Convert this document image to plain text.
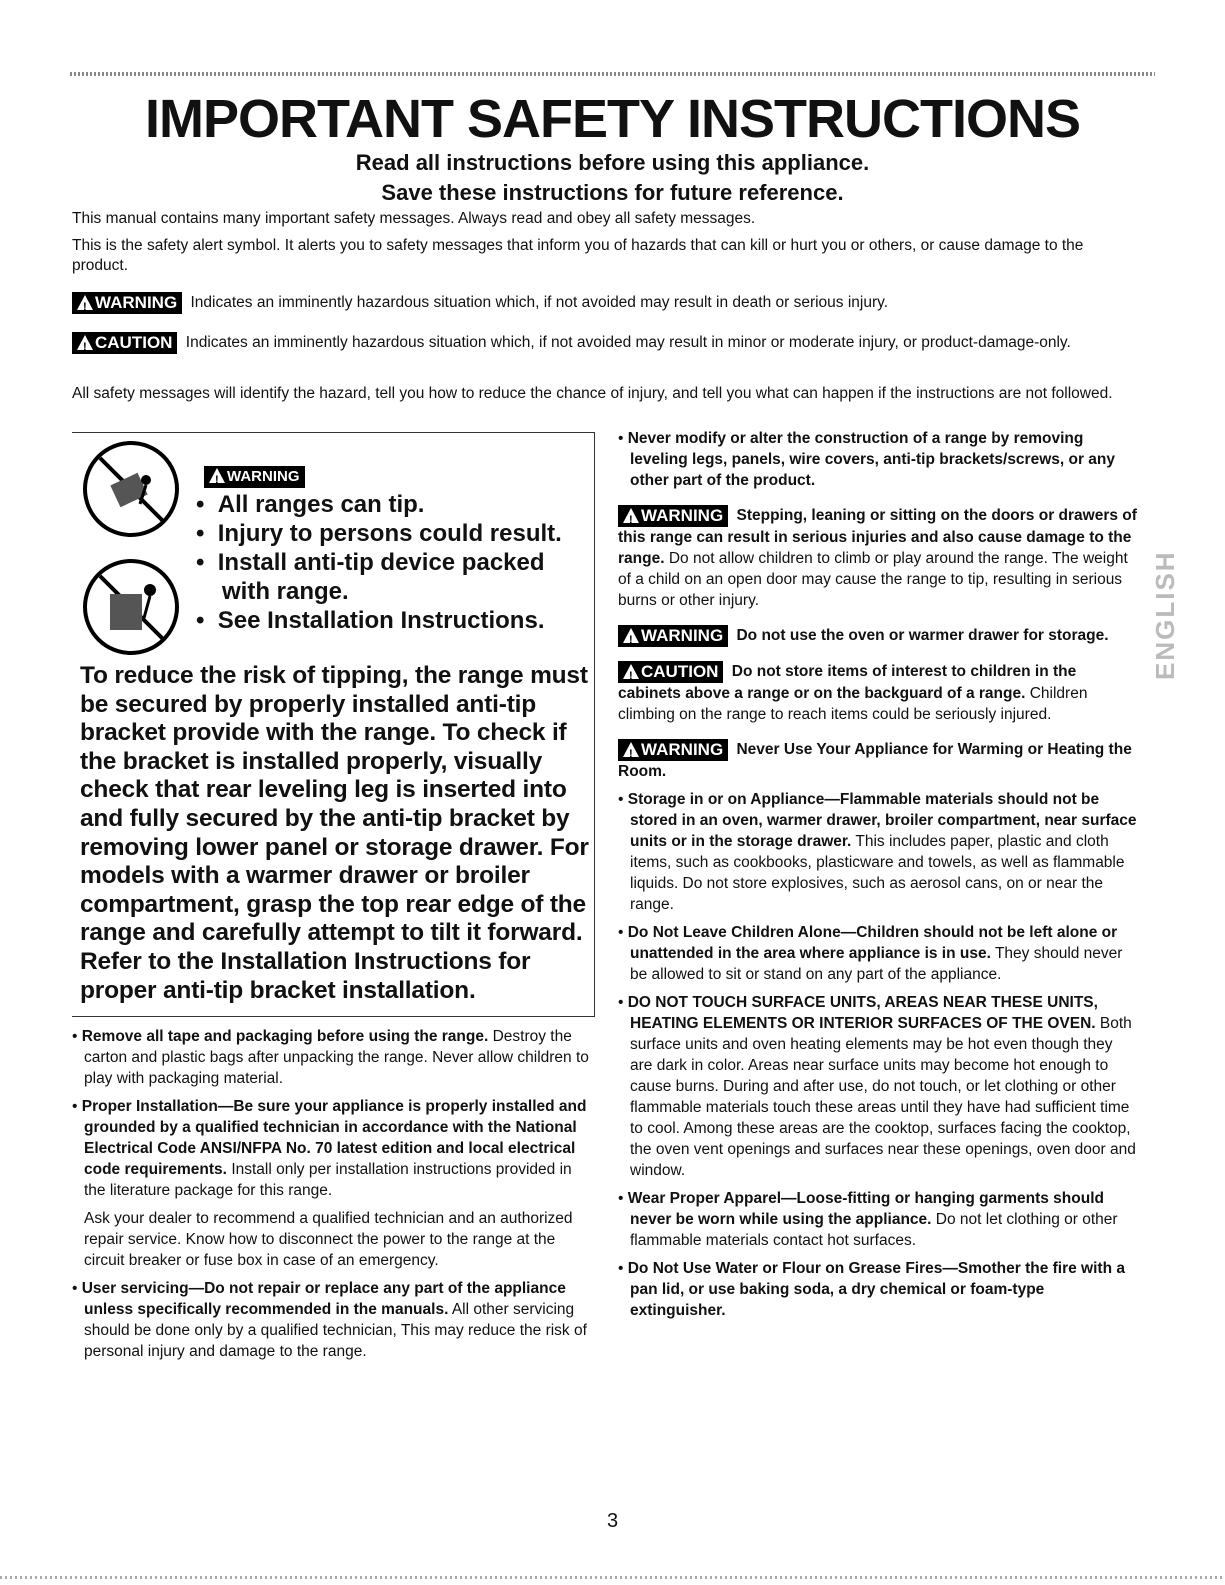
IMPORTANT SAFETY INSTRUCTIONS
Read all instructions before using this appliance.
Save these instructions for future reference.

This manual contains many important safety messages. Always read and obey all safety messages.

This is the safety alert symbol. It alerts you to safety messages that inform you of hazards that can kill or hurt you or others, or cause damage to the product.

!WARNING Indicates an imminently hazardous situation which, if not avoided may result in death or serious injury.

!CAUTION Indicates an imminently hazardous situation which, if not avoided may result in minor or moderate injury, or product-damage-only.

All safety messages will identify the hazard, tell you how to reduce the chance of injury, and tell you what can happen if the instructions are not followed.

!WARNING
•  All ranges can tip.
•  Injury to persons could result.
•  Install anti-tip device packed with range.
•  See Installation Instructions.

To reduce the risk of tipping, the range must be secured by properly installed anti-tip bracket provide with the range. To check if the bracket is installed properly, visually check that rear leveling leg is inserted into and fully secured by the anti-tip bracket by removing lower panel or storage drawer. For models with a warmer drawer or broiler compartment, grasp the top rear edge of the range and carefully attempt to tilt it forward. Refer to the Installation Instructions for proper anti-tip bracket installation.

• Remove all tape and packaging before using the range. Destroy the carton and plastic bags after unpacking the range. Never allow children to play with packaging material.

• Proper Installation—Be sure your appliance is properly installed and grounded by a qualified technician in accordance with the National Electrical Code ANSI/NFPA No. 70 latest edition and local electrical code requirements. Install only per installation instructions provided in the literature package for this range.

Ask your dealer to recommend a qualified technician and an authorized repair service. Know how to disconnect the power to the range at the circuit breaker or fuse box in case of an emergency.

• User servicing—Do not repair or replace any part of the appliance unless specifically recommended in the manuals. All other servicing should be done only by a qualified technician, This may reduce the risk of personal injury and damage to the range.

• Never modify or alter the construction of a range by removing leveling legs, panels, wire covers, anti-tip brackets/screws, or any other part of the product.

!WARNING Stepping, leaning or sitting on the doors or drawers of this range can result in serious injuries and also cause damage to the range. Do not allow children to climb or play around the range. The weight of a child on an open door may cause the range to tip, resulting in serious burns or other injury.

!WARNING Do not use the oven or warmer drawer for storage.

!CAUTION Do not store items of interest to children in the cabinets above a range or on the backguard of a range. Children climbing on the range to reach items could be seriously injured.

!WARNING Never Use Your Appliance for Warming or Heating the Room.

• Storage in or on Appliance—Flammable materials should not be stored in an oven, warmer drawer, broiler compartment, near surface units or in the storage drawer. This includes paper, plastic and cloth items, such as cookbooks, plasticware and towels, as well as flammable liquids. Do not store explosives, such as aerosol cans, on or near the range.

• Do Not Leave Children Alone—Children should not be left alone or unattended in the area where appliance is in use. They should never be allowed to sit or stand on any part of the appliance.

• DO NOT TOUCH SURFACE UNITS, AREAS NEAR THESE UNITS, HEATING ELEMENTS OR INTERIOR SURFACES OF THE OVEN. Both surface units and oven heating elements may be hot even though they are dark in color. Areas near surface units may become hot enough to cause burns. During and after use, do not touch, or let clothing or other flammable materials touch these areas until they have had sufficient time to cool. Among these areas are the cooktop, surfaces facing the cooktop, the oven vent openings and surfaces near these openings, oven door and window.

• Wear Proper Apparel—Loose-fitting or hanging garments should never be worn while using the appliance. Do not let clothing or other flammable materials contact hot surfaces.

• Do Not Use Water or Flour on Grease Fires—Smother the fire with a pan lid, or use baking soda, a dry chemical or foam-type extinguisher.

ENGLISH
3
